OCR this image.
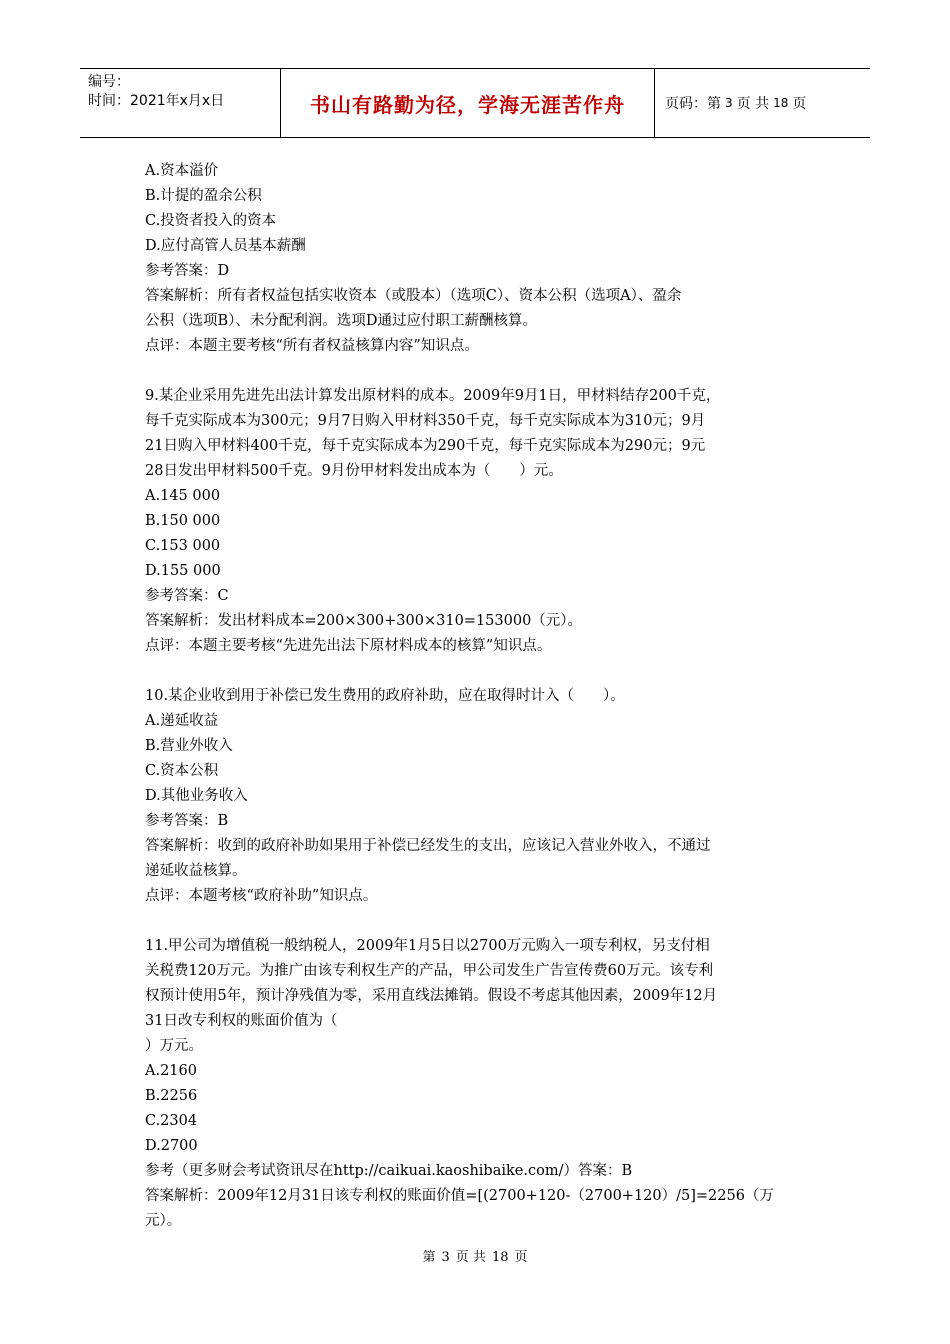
编号：
时间：2021年x月x日	书山有路勤为径，学海无涯苦作舟	页码：第 3 页 共 18 页

A.资本溢价

B.计提的盈余公积

C.投资者投入的资本

D.应付高管人员基本薪酬

参考答案：D

答案解析：所有者权益包括实收资本（或股本）（选项C）、资本公积（选项A）、盈余

公积（选项B）、未分配利润。选项D通过应付职工薪酬核算。

点评：本题主要考核“所有者权益核算内容”知识点。

9.某企业采用先进先出法计算发出原材料的成本。2009年9月1日，甲材料结存200千克，

每千克实际成本为300元；9月7日购入甲材料350千克，每千克实际成本为310元；9月

21日购入甲材料400千克，每千克实际成本为290千克，每千克实际成本为290元；9元

28日发出甲材料500千克。9月份甲材料发出成本为（　　）元。

A.145 000

B.150 000

C.153 000

D.155 000

参考答案：C

答案解析：发出材料成本=200×300+300×310=153000（元）。

点评：本题主要考核“先进先出法下原材料成本的核算”知识点。

10.某企业收到用于补偿已发生费用的政府补助，应在取得时计入（　　）。

A.递延收益

B.营业外收入

C.资本公积

D.其他业务收入

参考答案：B

答案解析：收到的政府补助如果用于补偿已经发生的支出，应该记入营业外收入，不通过

递延收益核算。

点评：本题考核“政府补助”知识点。

11.甲公司为增值税一般纳税人，2009年1月5日以2700万元购入一项专利权，另支付相

关税费120万元。为推广由该专利权生产的产品，甲公司发生广告宣传费60万元。该专利

权预计使用5年，预计净残值为零，采用直线法摊销。假设不考虑其他因素，2009年12月

31日改专利权的账面价值为（

）万元。

A.2160

B.2256

C.2304

D.2700

参考（更多财会考试资讯尽在http://caikuai.kaoshibaike.com/）答案：B

答案解析：2009年12月31日该专利权的账面价值=[(2700+120-（2700+120）/5]=2256（万

元）。

第 3 页 共 18 页
